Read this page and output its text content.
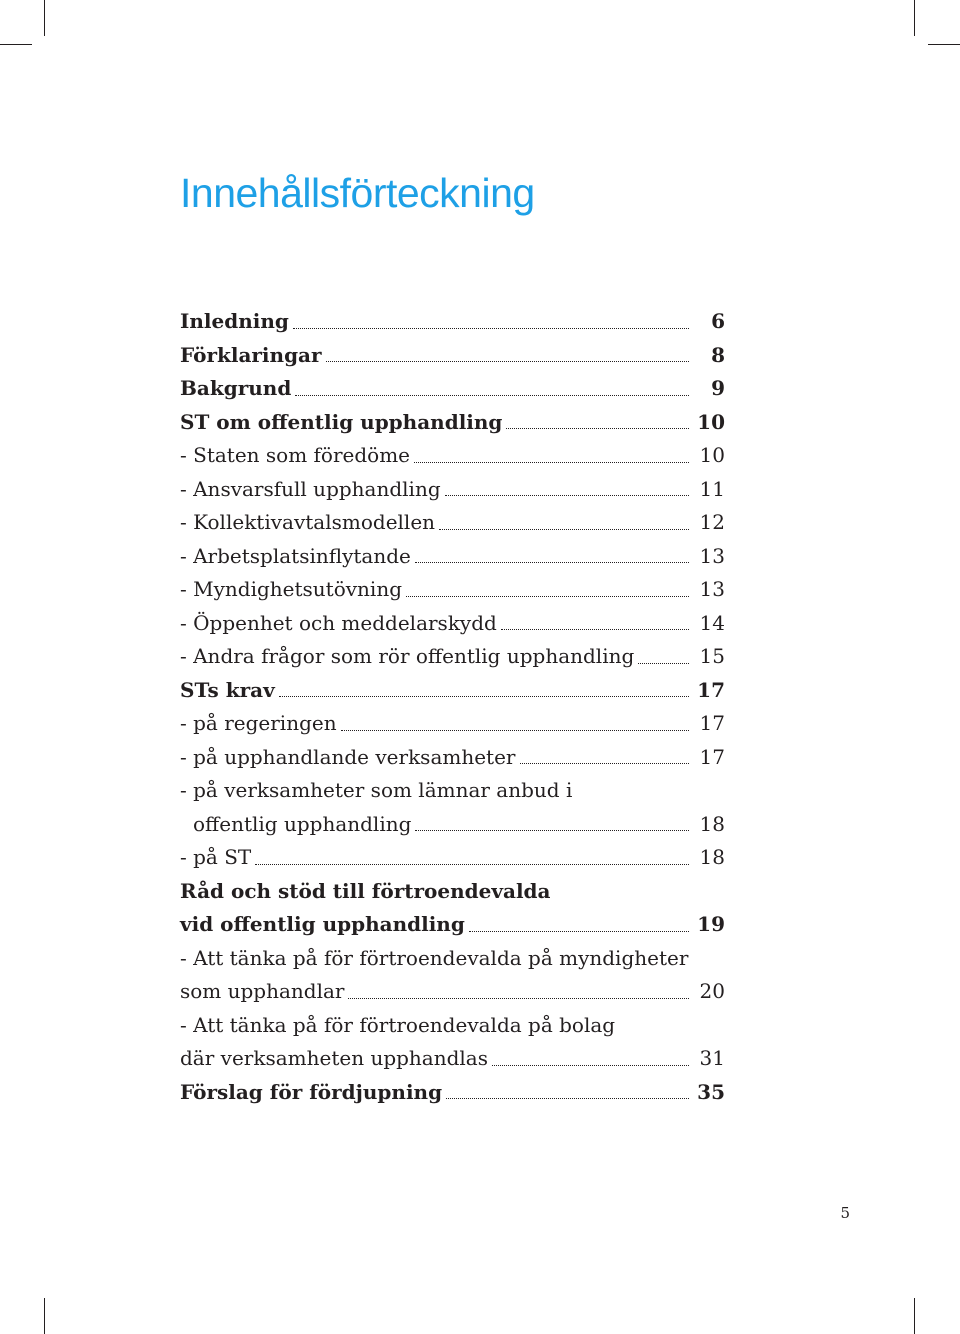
Innehållsförteckning
Inledning	6
Förklaringar	8
Bakgrund	9
ST om offentlig upphandling	10
- Staten som föredöme	10
- Ansvarsfull upphandling	11
- Kollektivavtalsmodellen	12
- Arbetsplatsinflytande	13
- Myndighetsutövning	13
- Öppenhet och meddelarskydd	14
- Andra frågor som rör offentlig upphandling	15
STs krav	17
- på regeringen	17
- på upphandlande verksamheter	17
- på verksamheter som lämnar anbud i
offentlig upphandling	18
- på ST	18
Råd och stöd till förtroendevalda
vid offentlig upphandling	19
- Att tänka på för förtroendevalda på myndigheter
som upphandlar	20
- Att tänka på för förtroendevalda på bolag
där verksamheten upphandlas	31
Förslag för fördjupning	35
5
